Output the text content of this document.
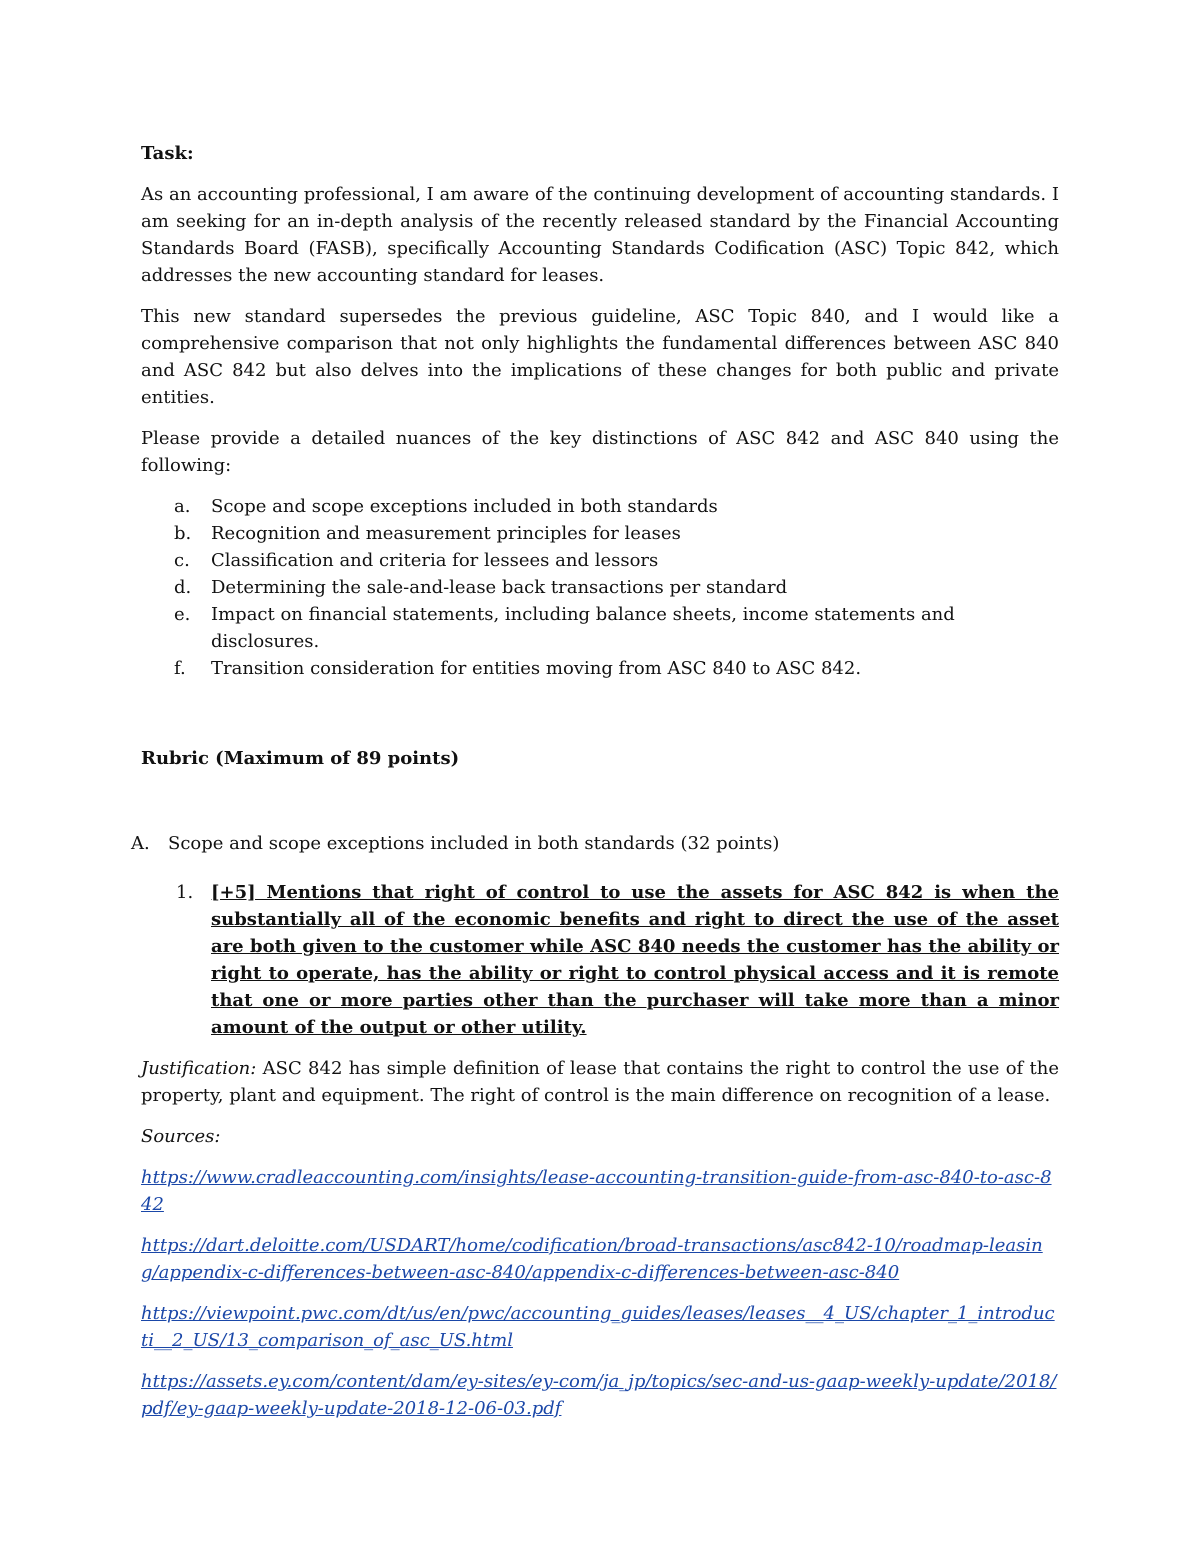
Task:

As an accounting professional, I am aware of the continuing development of accounting standards. I am seeking for an in-depth analysis of the recently released standard by the Financial Accounting Standards Board (FASB), specifically Accounting Standards Codification (ASC) Topic 842, which addresses the new accounting standard for leases.

This new standard supersedes the previous guideline, ASC Topic 840, and I would like a comprehensive comparison that not only highlights the fundamental differences between ASC 840 and ASC 842 but also delves into the implications of these changes for both public and private entities.

Please provide a detailed nuances of the key distinctions of ASC 842 and ASC 840 using the following:

a. Scope and scope exceptions included in both standards
b. Recognition and measurement principles for leases
c. Classification and criteria for lessees and lessors
d. Determining the sale-and-lease back transactions per standard
e. Impact on financial statements, including balance sheets, income statements and disclosures.
f. Transition consideration for entities moving from ASC 840 to ASC 842.
Rubric (Maximum of 89 points)
A. Scope and scope exceptions included in both standards (32 points)
1. [+5] Mentions that right of control to use the assets for ASC 842 is when the substantially all of the economic benefits and right to direct the use of the asset are both given to the customer while ASC 840 needs the customer has the ability or right to operate, has the ability or right to control physical access and it is remote that one or more parties other than the purchaser will take more than a minor amount of the output or other utility.

Justification: ASC 842 has simple definition of lease that contains the right to control the use of the property, plant and equipment. The right of control is the main difference on recognition of a lease.

Sources:

https://www.cradleaccounting.com/insights/lease-accounting-transition-guide-from-asc-840-to-asc-842

https://dart.deloitte.com/USDART/home/codification/broad-transactions/asc842-10/roadmap-leasing/appendix-c-differences-between-asc-840/appendix-c-differences-between-asc-840

https://viewpoint.pwc.com/dt/us/en/pwc/accounting_guides/leases/leases__4_US/chapter_1_introducti__2_US/13_comparison_of_asc_US.html

https://assets.ey.com/content/dam/ey-sites/ey-com/ja_jp/topics/sec-and-us-gaap-weekly-update/2018/pdf/ey-gaap-weekly-update-2018-12-06-03.pdf
